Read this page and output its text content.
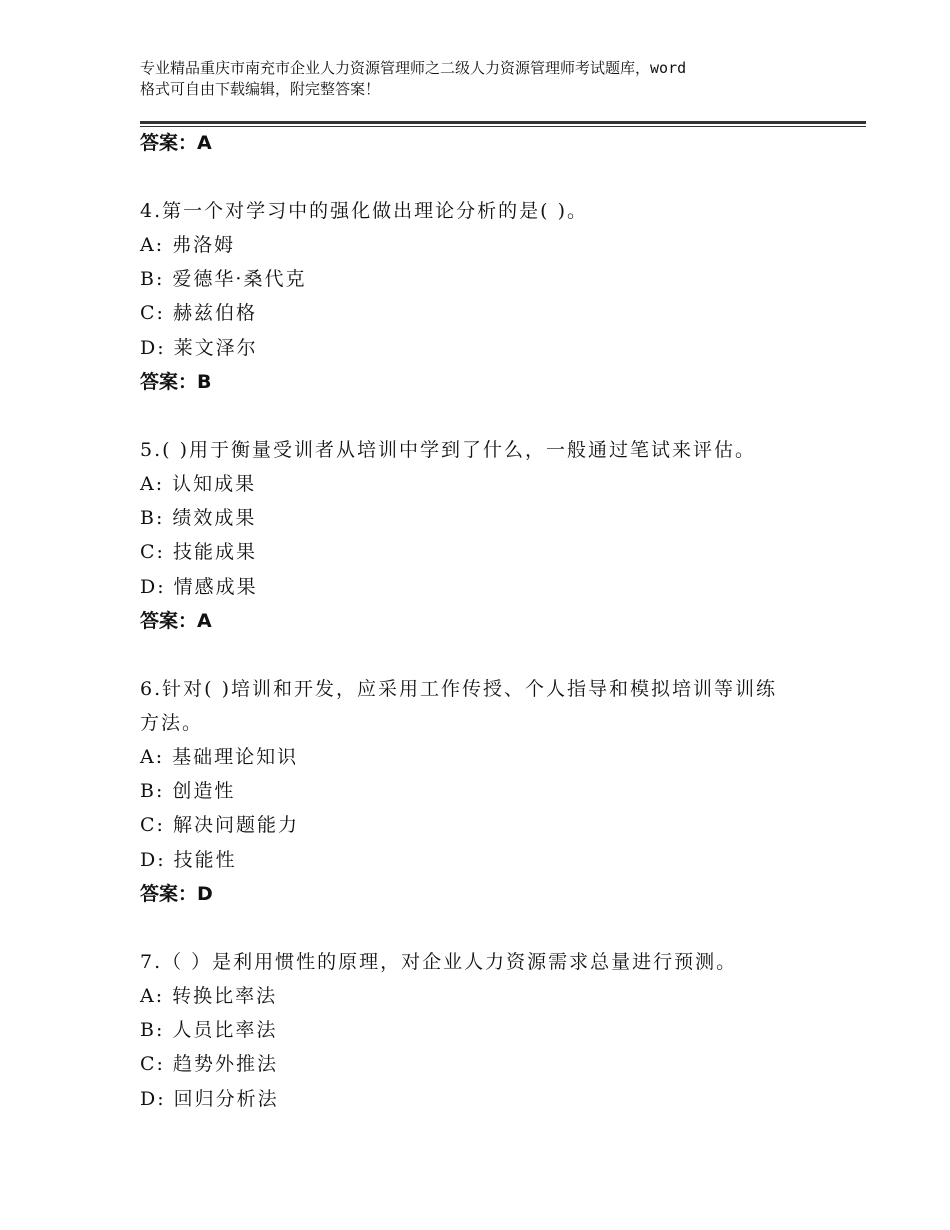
专业精品重庆市南充市企业人力资源管理师之二级人力资源管理师考试题库，word
格式可自由下载编辑，附完整答案！
答案：A
4.第一个对学习中的强化做出理论分析的是( )。
A: 弗洛姆
B: 爱德华·桑代克
C: 赫兹伯格
D: 莱文泽尔
答案：B
5.( )用于衡量受训者从培训中学到了什么，一般通过笔试来评估。
A: 认知成果
B: 绩效成果
C: 技能成果
D: 情感成果
答案：A
6.针对( )培训和开发，应采用工作传授、个人指导和模拟培训等训练
方法。
A: 基础理论知识
B: 创造性
C: 解决问题能力
D: 技能性
答案：D
7.（ ）是利用惯性的原理，对企业人力资源需求总量进行预测。
A: 转换比率法
B: 人员比率法
C: 趋势外推法
D: 回归分析法
